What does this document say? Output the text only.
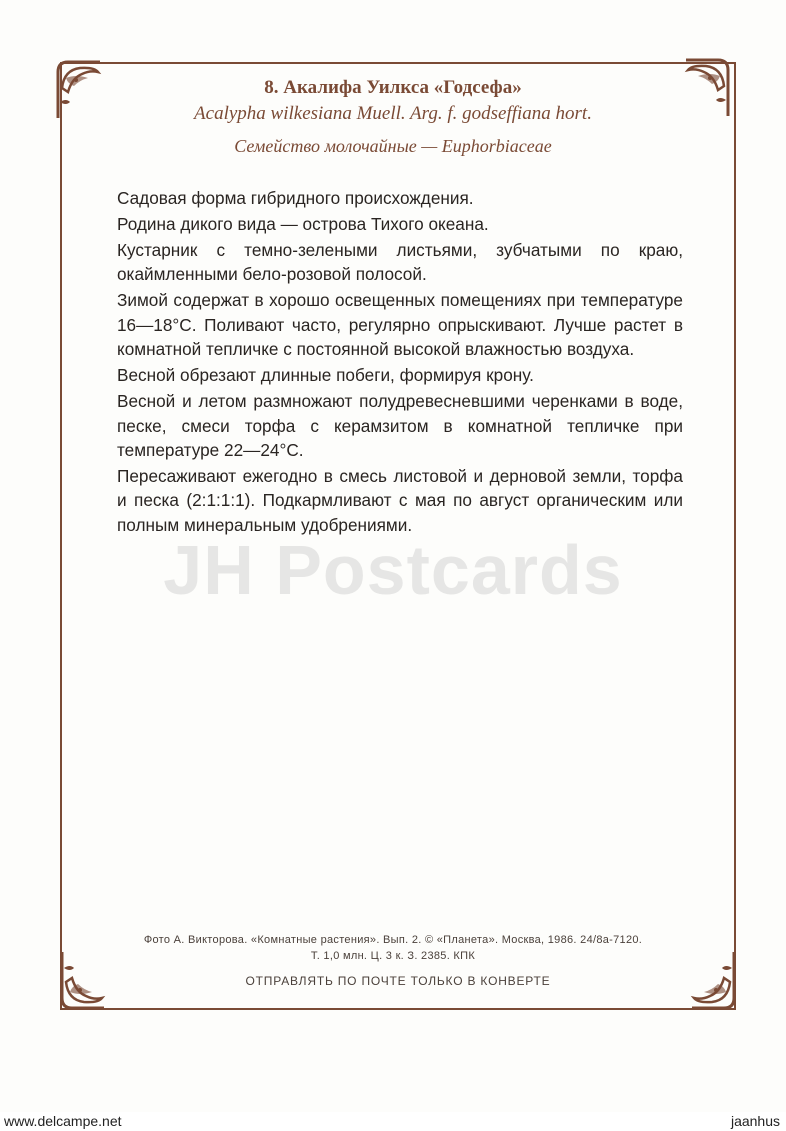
8. Акалифа Уилкса «Годсефа»
Acalypha wilkesiana Muell. Arg. f. godseffiana hort.
Семейство молочайные — Euphorbiaceae

Садовая форма гибридного происхождения.

Родина дикого вида — острова Тихого океана.

Кустарник с темно-зелеными листьями, зубчатыми по краю, окаймленными бело-розовой полосой.

Зимой содержат в хорошо освещенных помещениях при температуре 16—18°С. Поливают часто, регулярно опрыскивают. Лучше растет в комнатной тепличке с постоянной высокой влажностью воздуха.

Весной обрезают длинные побеги, формируя крону.

Весной и летом размножают полудревесневшими черенками в воде, песке, смеси торфа с керамзитом в комнатной тепличке при температуре 22—24°С.

Пересаживают ежегодно в смесь листовой и дерновой земли, торфа и песка (2:1:1:1). Подкармливают с мая по август органическим или полным минеральным удобрениями.

JH Postcards
Фото А. Викторова. «Комнатные растения». Вып. 2. © «Планета». Москва, 1986. 24/8а-7120.
Т. 1,0 млн. Ц. 3 к. З. 2385. КПК
ОТПРАВЛЯТЬ ПО ПОЧТЕ ТОЛЬКО В КОНВЕРТЕ
www.delcampe.net	jaanhus
